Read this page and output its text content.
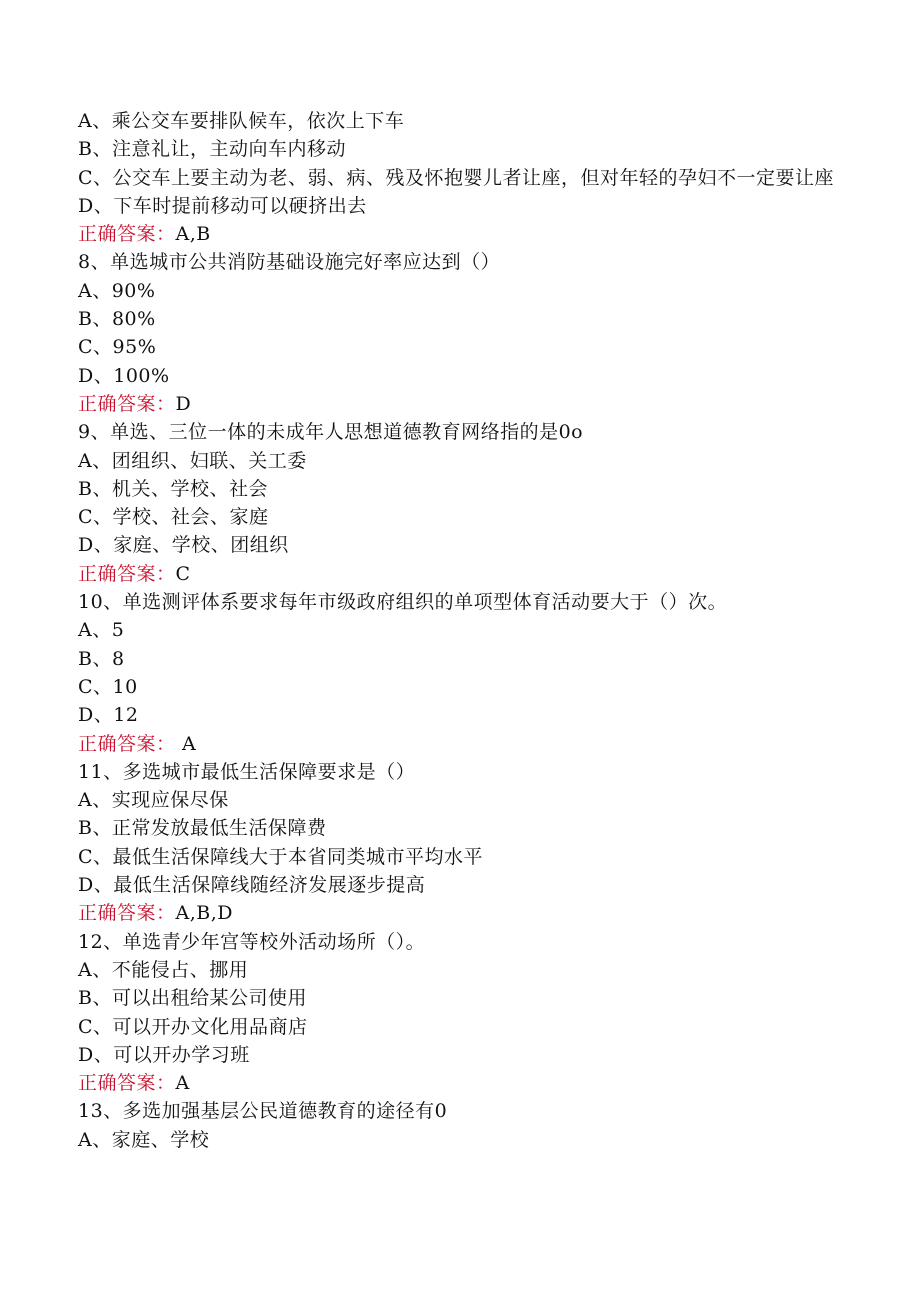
A、乘公交车要排队候车，依次上下车
B、注意礼让，主动向车内移动
C、公交车上要主动为老、弱、病、残及怀抱婴儿者让座，但对年轻的孕妇不一定要让座
D、下车时提前移动可以硬挤出去
正确答案：A,B
8、单选城市公共消防基础设施完好率应达到（）
A、90%
B、80%
C、95%
D、100%
正确答案：D
9、单选、三位一体的未成年人思想道德教育网络指的是0o
A、团组织、妇联、关工委
B、机关、学校、社会
C、学校、社会、家庭
D、家庭、学校、团组织
正确答案：C
10、单选测评体系要求每年市级政府组织的单项型体育活动要大于（）次。
A、5
B、8
C、10
D、12
正确答案： A
11、多选城市最低生活保障要求是（）
A、实现应保尽保
B、正常发放最低生活保障费
C、最低生活保障线大于本省同类城市平均水平
D、最低生活保障线随经济发展逐步提高
正确答案：A,B,D
12、单选青少年宫等校外活动场所（）。
A、不能侵占、挪用
B、可以出租给某公司使用
C、可以开办文化用品商店
D、可以开办学习班
正确答案：A
13、多选加强基层公民道德教育的途径有0
A、家庭、学校
